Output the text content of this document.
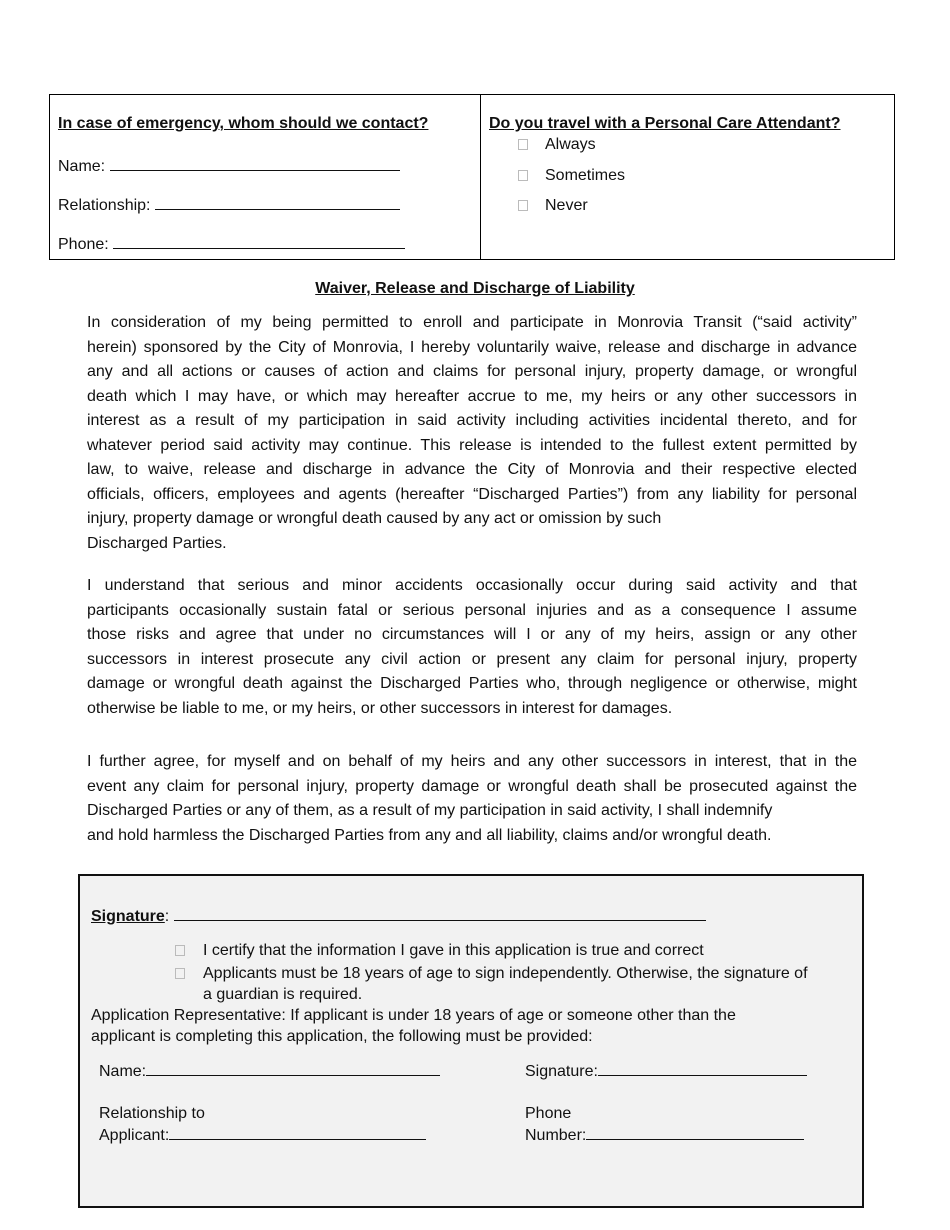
In case of emergency, whom should we contact?
Name:
Relationship:
Phone:
Do you travel with a Personal Care Attendant?
Always
Sometimes
Never
Waiver, Release and Discharge of Liability
In consideration of my being permitted to enroll and participate in Monrovia Transit (“said activity”
herein) sponsored by the City of Monrovia, I hereby voluntarily waive, release and discharge in advance
any and all actions or causes of action and claims for personal injury, property damage, or wrongful
death which I may have, or which may hereafter accrue to me, my heirs or any other successors in
interest as a result of my participation in said activity including activities incidental thereto, and for
whatever period said activity may continue. This release is intended to the fullest extent permitted by
law, to waive, release and discharge in advance the City of Monrovia and their respective elected
officials, officers, employees and agents (hereafter “Discharged Parties”) from any liability for personal
injury, property damage or wrongful death caused by any act or omission by such
Discharged Parties.
I understand that serious and minor accidents occasionally occur during said activity and that
participants occasionally sustain fatal or serious personal injuries and as a consequence I assume
those risks and agree that under no circumstances will I or any of my heirs, assign or any other
successors in interest prosecute any civil action or present any claim for personal injury, property
damage or wrongful death against the Discharged Parties who, through negligence or otherwise, might
otherwise be liable to me, or my heirs, or other successors in interest for damages.
I further agree, for myself and on behalf of my heirs and any other successors in interest, that in the
event any claim for personal injury, property damage or wrongful death shall be prosecuted against the
Discharged Parties or any of them, as a result of my participation in said activity, I shall indemnify
and hold harmless the Discharged Parties from any and all liability, claims and/or wrongful death.
Signature:
I certify that the information I gave in this application is true and correct
Applicants must be 18 years of age to sign independently. Otherwise, the signature of
a guardian is required.
Application Representative: If applicant is under 18 years of age or someone other than the
applicant is completing this application, the following must be provided:
Name:	Signature:
Relationship to
Applicant:
Phone
Number:
